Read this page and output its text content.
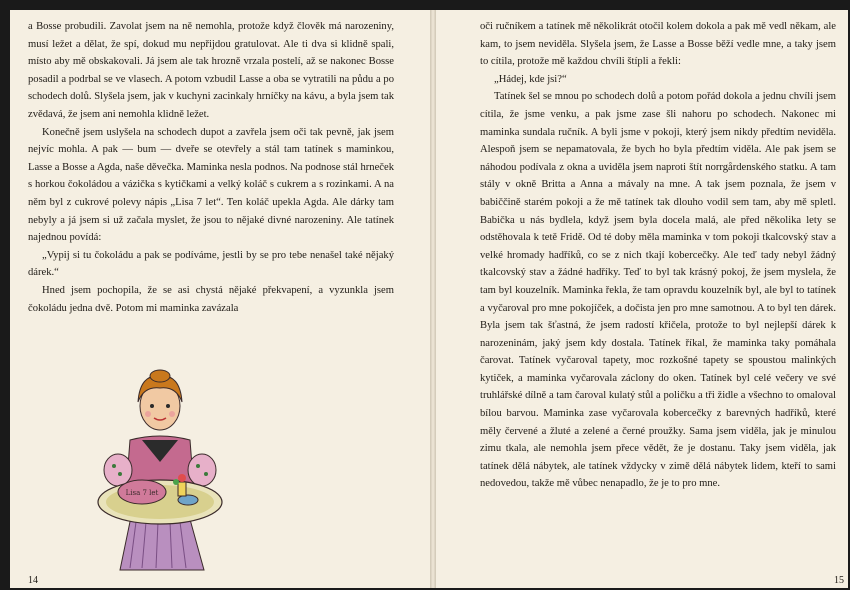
a Bosse probudili. Zavolat jsem na ně nemohla, protože když člověk má narozeniny, musí ležet a dělat, že spí, dokud mu nepřijdou gratulovat. Ale ti dva si klidně spali, místo aby mě obskakovali. Já jsem ale tak hrozně vrzala postelí, až se nakonec Bosse posadil a podrbal se ve vlasech. A potom vzbudil Lasse a oba se vytratili na půdu a po schodech dolů. Slyšela jsem, jak v kuchyni zacinkaly hrníčky na kávu, a byla jsem tak zvědavá, že jsem ani nemohla klidně ležet.

Konečně jsem uslyšela na schodech dupot a zavřela jsem oči tak pevně, jak jsem nejvíc mohla. A pak — bum — dveře se otevřely a stál tam tatínek s maminkou, Lasse a Bosse a Agda, naše děvečka. Maminka nesla podnos. Na podnose stál hrneček s horkou čokoládou a vázička s kytičkami a velký koláč s cukrem a s rozinkami. A na něm byl z cukrové polevy nápis „Lisa 7 let“. Ten koláč upekla Agda. Ale dárky tam nebyly a já jsem si už začala myslet, že jsou to nějaké divné narozeniny. Ale tatínek najednou povídá:

„Vypij si tu čokoládu a pak se podíváme, jestli by se pro tebe nenašel také nějaký dárek.“

Hned jsem pochopila, že se asi chystá nějaké překvapení, a vyzunkla jsem čokoládu jedna dvě. Potom mi maminka zavázala

Lisa 7 let
14

oči ručníkem a tatínek mě několikrát otočil kolem dokola a pak mě vedl někam, ale kam, to jsem neviděla. Slyšela jsem, že Lasse a Bosse běží vedle mne, a taky jsem to cítila, protože mě každou chvíli štípli a řekli:

„Hádej, kde jsi?“

Tatínek šel se mnou po schodech dolů a potom pořád dokola a jednu chvíli jsem cítila, že jsme venku, a pak jsme zase šli nahoru po schodech. Nakonec mi maminka sundala ručník. A byli jsme v pokoji, který jsem nikdy předtím neviděla. Alespoň jsem se nepamatovala, že bych ho byla předtím viděla. Ale pak jsem se náhodou podívala z okna a uviděla jsem naproti štít norrgårdenského statku. A tam stály v okně Britta a Anna a mávaly na mne. A tak jsem poznala, že jsem v babiččině starém pokoji a že mě tatínek tak dlouho vodil sem tam, aby mě spletl. Babička u nás bydlela, když jsem byla docela malá, ale před několika lety se odstěhovala k tetě Fridě. Od té doby měla maminka v tom pokoji tkalcovský stav a velké hromady hadříků, co se z nich tkají kobercečky. Ale teď tady nebyl žádný tkalcovský stav a žádné hadříky. Teď to byl tak krásný pokoj, že jsem myslela, že tam byl kouzelník. Maminka řekla, že tam opravdu kouzelník byl, ale byl to tatínek a vyčaroval pro mne pokojíček, a dočista jen pro mne samotnou. A to byl ten dárek. Byla jsem tak šťastná, že jsem radostí křičela, protože to byl nejlepší dárek k narozeninám, jaký jsem kdy dostala. Tatínek říkal, že maminka taky pomáhala čarovat. Tatínek vyčaroval tapety, moc rozkošné tapety se spoustou malinkých kytiček, a maminka vyčarovala záclony do oken. Tatínek byl celé večery ve své truhlářské dílně a tam čaroval kulatý stůl a poličku a tři židle a všechno to omaloval bílou barvou. Maminka zase vyčarovala kobercečky z barevných hadříků, které měly červené a žluté a zelené a černé proužky. Sama jsem viděla, jak je minulou zimu tkala, ale nemohla jsem přece vědět, že je dostanu. Taky jsem viděla, jak tatínek dělá nábytek, ale tatínek vždycky v zimě dělá nábytek lidem, kteří to sami nedovedou, takže mě vůbec nenapadlo, že je to pro mne.

15
